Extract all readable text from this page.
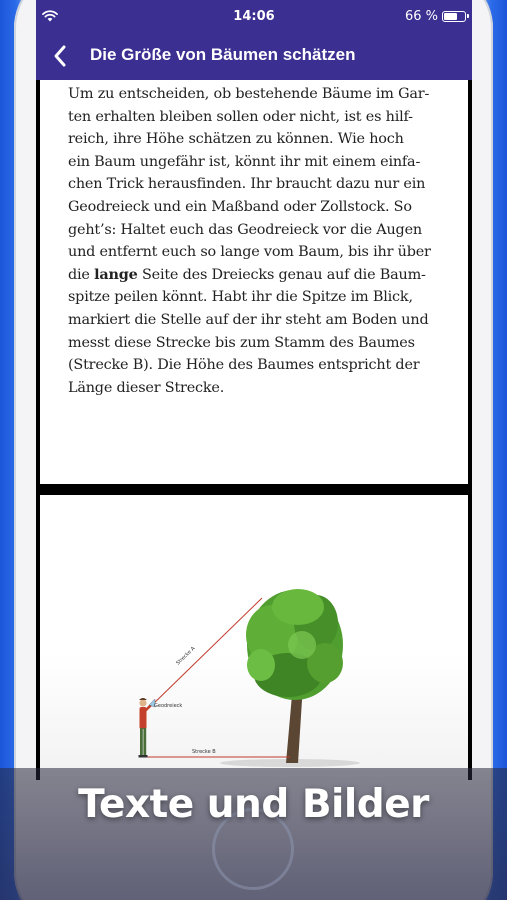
14:06	66 %
Die Größe von Bäumen schätzen

Um zu entscheiden, ob bestehende Bäume im Gar-
ten erhalten bleiben sollen oder nicht, ist es hilf-
reich, ihre Höhe schätzen zu können. Wie hoch
ein Baum ungefähr ist, könnt ihr mit einem einfa-
chen Trick herausfinden. Ihr braucht dazu nur ein
Geodreieck und ein Maßband oder Zollstock. So
geht’s: Haltet euch das Geodreieck vor die Augen
und entfernt euch so lange vom Baum, bis ihr über
die lange Seite des Dreiecks genau auf die Baum-
spitze peilen könnt. Habt ihr die Spitze im Blick,
markiert die Stelle auf der ihr steht am Boden und
messt diese Strecke bis zum Stamm des Baumes
(Strecke B). Die Höhe des Baumes entspricht der
Länge dieser Strecke.

Strecke A
Strecke B
Geodreieck
Texte und Bilder
